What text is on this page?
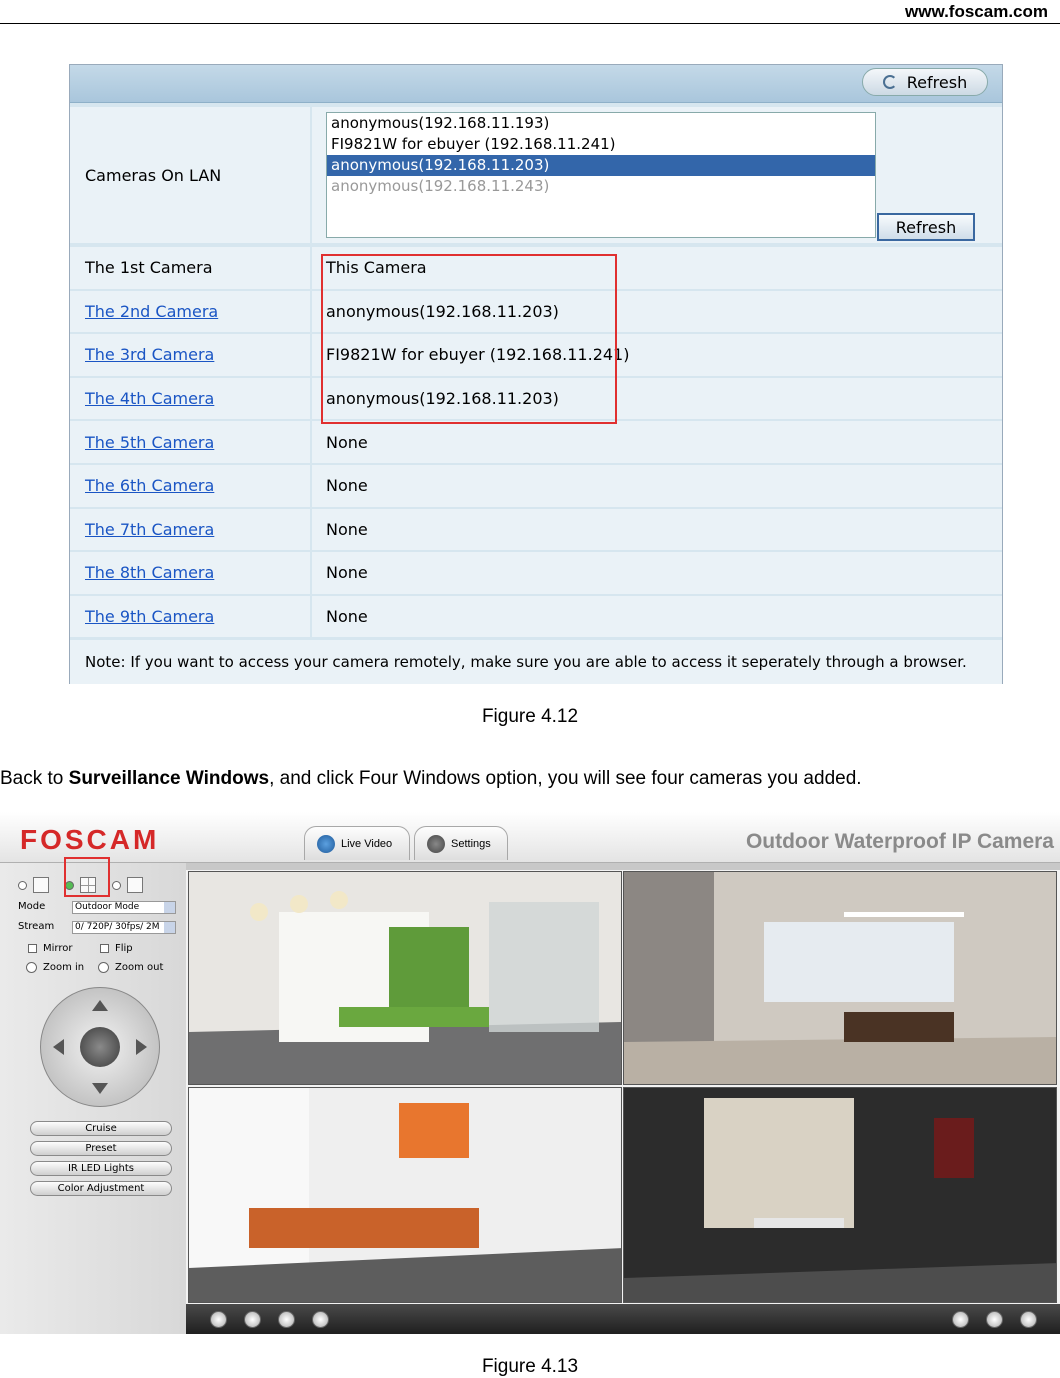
www.foscam.com
Refresh
Cameras On LAN
anonymous(192.168.11.193)
FI9821W for ebuyer (192.168.11.241)
anonymous(192.168.11.203)
anonymous(192.168.11.243)
Refresh
The 1st Camera	This Camera
The 2nd Camera	anonymous(192.168.11.203)
The 3rd Camera	FI9821W for ebuyer (192.168.11.241)
The 4th Camera	anonymous(192.168.11.203)
The 5th Camera	None
The 6th Camera	None
The 7th Camera	None
The 8th Camera	None
The 9th Camera	None
Note: If you want to access your camera remotely, make sure you are able to access it seperately through a browser.
Figure 4.12
Back to Surveillance Windows, and click Four Windows option, you will see four cameras you added.
FOSCAM	Live Video	Settings	Outdoor Waterproof IP Camera
Mode	Outdoor Mode
Stream	0/ 720P/ 30fps/ 2M
Mirror	Flip
Zoom in	Zoom out
Cruise
Preset
IR LED Lights
Color Adjustment
Figure 4.13
